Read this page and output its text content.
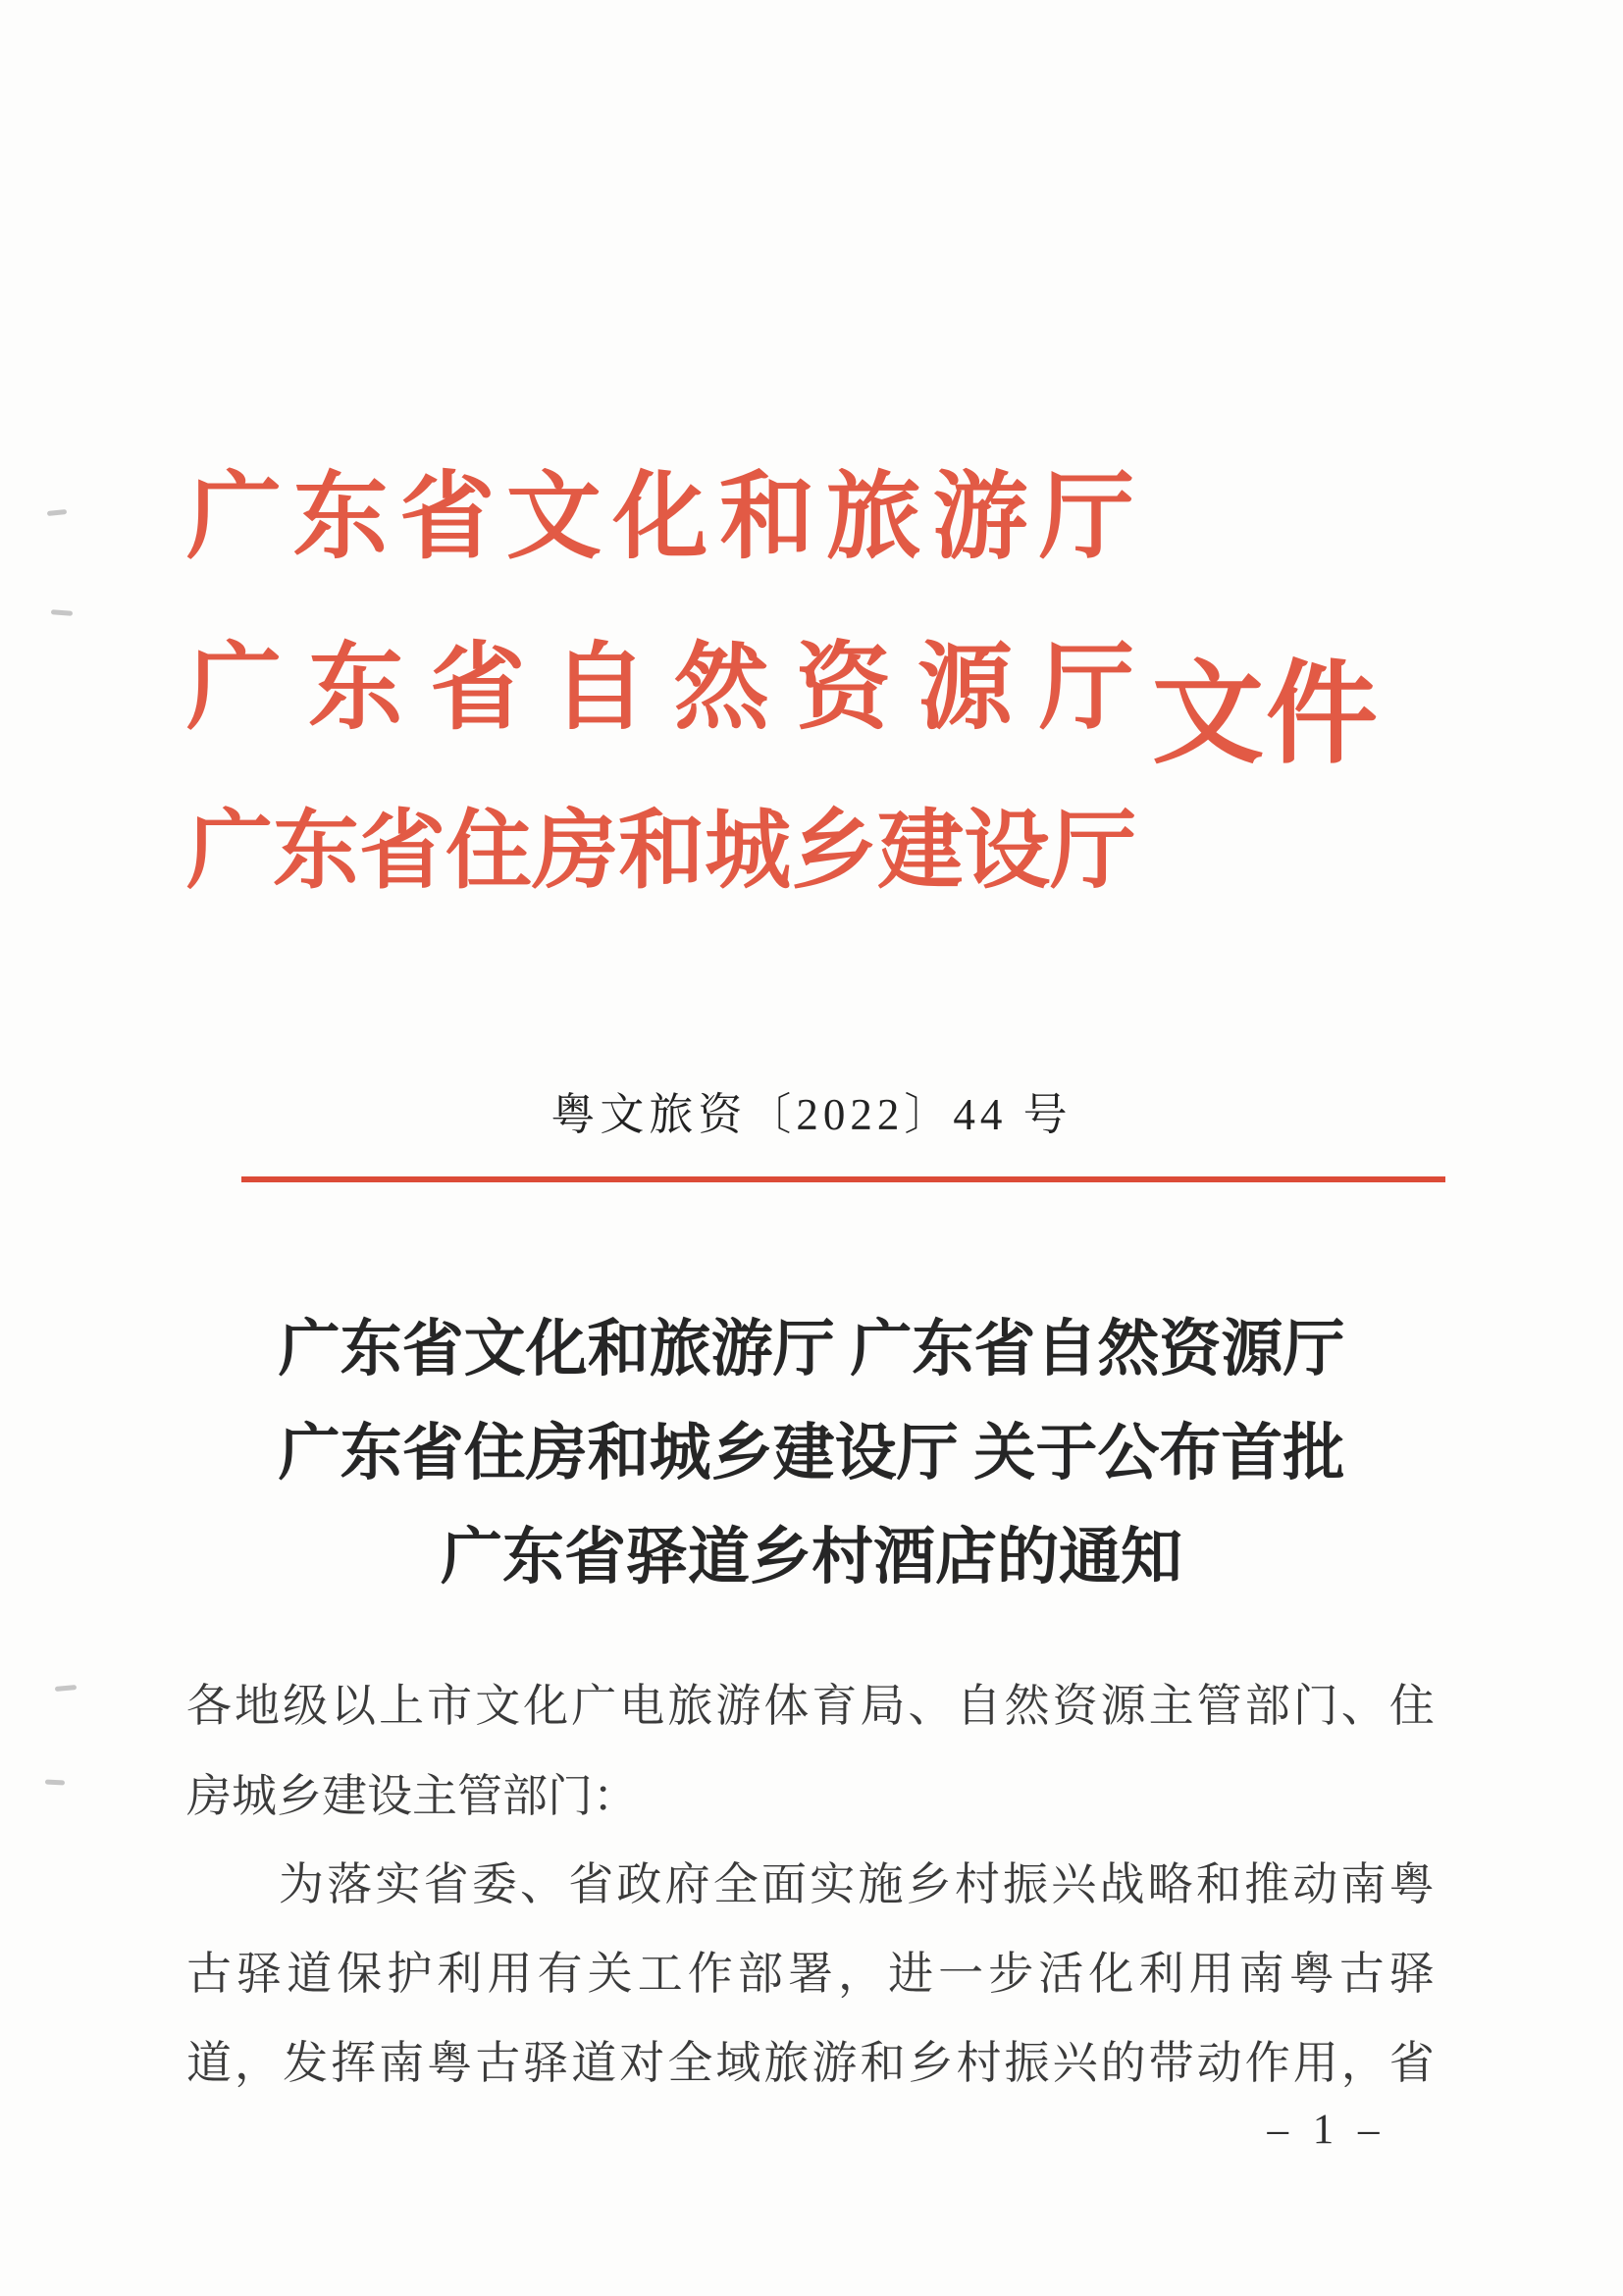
广 东 省 文 化 和 旅 游 厅
广 东 省 自 然 资 源 厅
广 东 省 住 房 和 城 乡 建 设 厅
文件
粤文旅资〔2022〕44 号
广东省文化和旅游厅 广东省自然资源厅
广东省住房和城乡建设厅 关于公布首批
广东省驿道乡村酒店的通知
各 地 级 以 上 市 文 化 广 电 旅 游 体 育 局 、 自 然 资 源 主 管 部 门 、 住
房城乡建设主管部门：
为 落 实 省 委 、 省 政 府 全 面 实 施 乡 村 振 兴 战 略 和 推 动 南 粤
古 驿 道 保 护 利 用 有 关 工 作 部 署 ， 进 一 步 活 化 利 用 南 粤 古 驿
道 ， 发 挥 南 粤 古 驿 道 对 全 域 旅 游 和 乡 村 振 兴 的 带 动 作 用 ， 省
– 1 –
